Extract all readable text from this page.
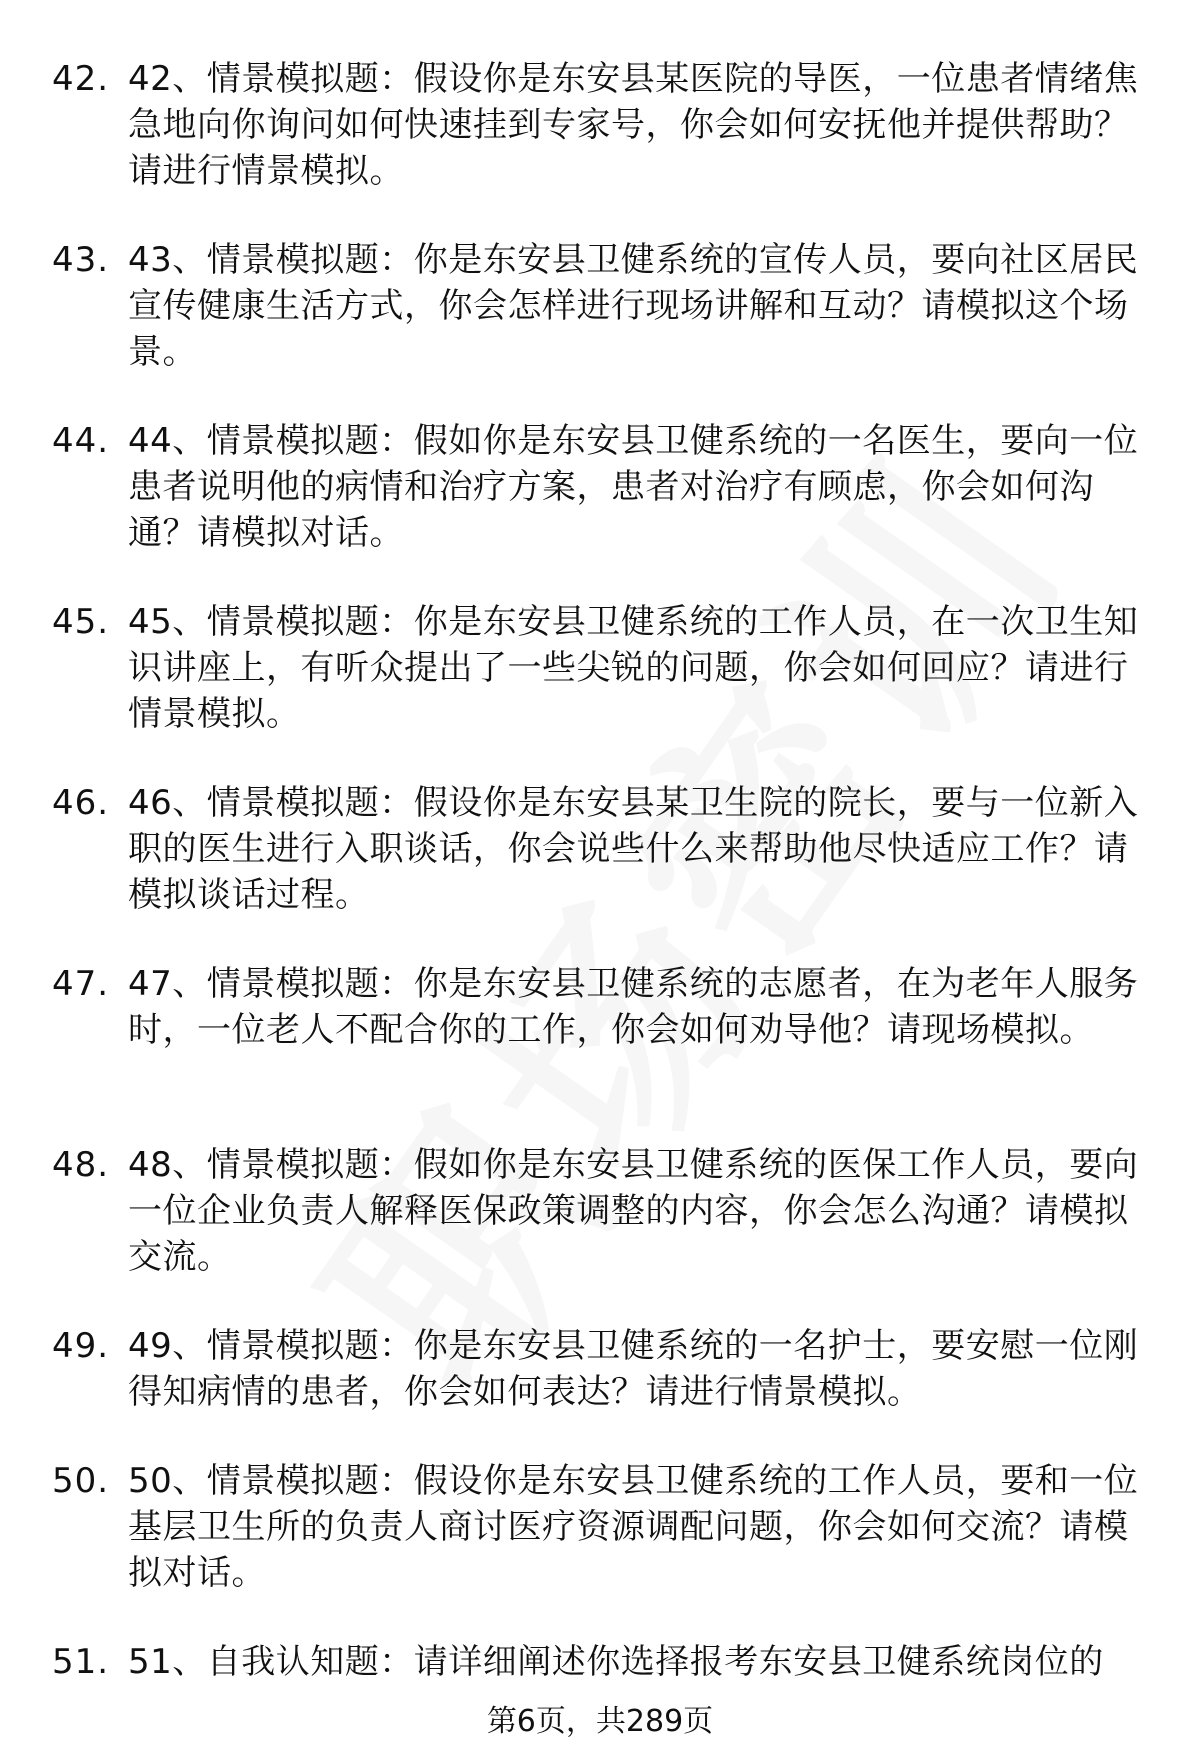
42. 42、情景模拟题：假设你是东安县某医院的导医，一位患者情绪焦急地向你询问如何快速挂到专家号，你会如何安抚他并提供帮助？请进行情景模拟。
43. 43、情景模拟题：你是东安县卫健系统的宣传人员，要向社区居民宣传健康生活方式，你会怎样进行现场讲解和互动？请模拟这个场景。
44. 44、情景模拟题：假如你是东安县卫健系统的一名医生，要向一位患者说明他的病情和治疗方案，患者对治疗有顾虑，你会如何沟通？请模拟对话。
45. 45、情景模拟题：你是东安县卫健系统的工作人员，在一次卫生知识讲座上，有听众提出了一些尖锐的问题，你会如何回应？请进行情景模拟。
46. 46、情景模拟题：假设你是东安县某卫生院的院长，要与一位新入职的医生进行入职谈话，你会说些什么来帮助他尽快适应工作？请模拟谈话过程。
47. 47、情景模拟题：你是东安县卫健系统的志愿者，在为老年人服务时，一位老人不配合你的工作，你会如何劝导他？请现场模拟。
48. 48、情景模拟题：假如你是东安县卫健系统的医保工作人员，要向一位企业负责人解释医保政策调整的内容，你会怎么沟通？请模拟交流。
49. 49、情景模拟题：你是东安县卫健系统的一名护士，要安慰一位刚得知病情的患者，你会如何表达？请进行情景模拟。
50. 50、情景模拟题：假设你是东安县卫健系统的工作人员，要和一位基层卫生所的负责人商讨医疗资源调配问题，你会如何交流？请模拟对话。
51. 51、自我认知题：请详细阐述你选择报考东安县卫健系统岗位的
第6页，共289页
